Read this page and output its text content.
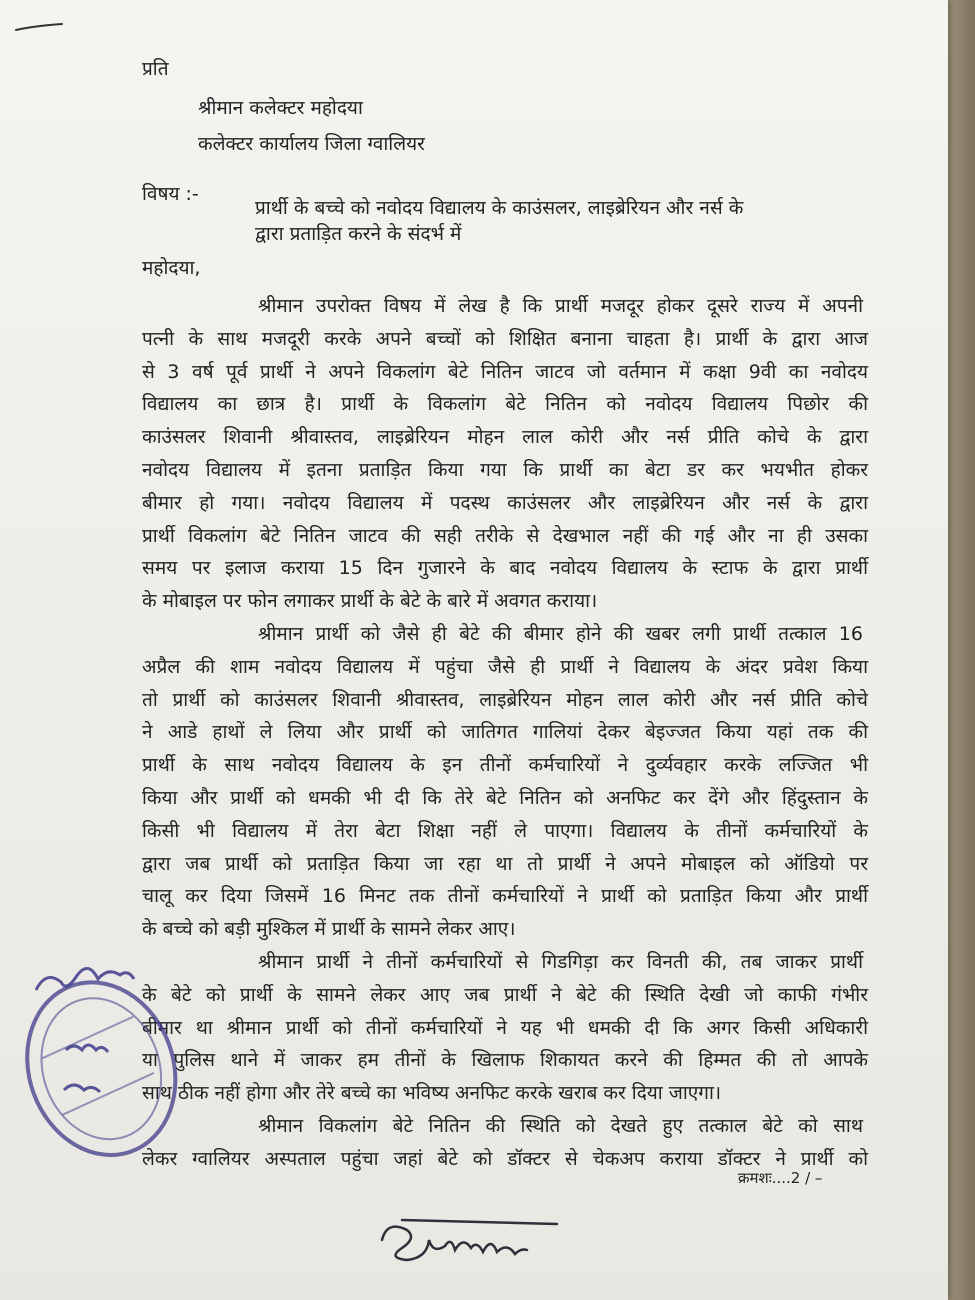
प्रति
श्रीमान कलेक्टर महोदया
कलेक्टर कार्यालय जिला ग्वालियर
विषय :-
प्रार्थी के बच्चे को नवोदय विद्यालय के काउंसलर, लाइब्रेरियन और नर्स के
द्वारा प्रताड़ित करने के संदर्भ में
महोदया,
श्रीमान उपरोक्त विषय में लेख है कि प्रार्थी मजदूर होकर दूसरे राज्य में अपनी
पत्नी के साथ मजदूरी करके अपने बच्चों को शिक्षित बनाना चाहता है। प्रार्थी के द्वारा आज
से 3 वर्ष पूर्व प्रार्थी ने अपने विकलांग बेटे नितिन जाटव जो वर्तमान में कक्षा 9वी का नवोदय
विद्यालय का छात्र है। प्रार्थी के विकलांग बेटे नितिन को नवोदय विद्यालय पिछोर की
काउंसलर शिवानी श्रीवास्तव, लाइब्रेरियन मोहन लाल कोरी और नर्स प्रीति कोचे के द्वारा
नवोदय विद्यालय में इतना प्रताड़ित किया गया कि प्रार्थी का बेटा डर कर भयभीत होकर
बीमार हो गया। नवोदय विद्यालय में पदस्थ काउंसलर और लाइब्रेरियन और नर्स के द्वारा
प्रार्थी विकलांग बेटे नितिन जाटव की सही तरीके से देखभाल नहीं की गई और ना ही उसका
समय पर इलाज कराया 15 दिन गुजारने के बाद नवोदय विद्यालय के स्टाफ के द्वारा प्रार्थी
के मोबाइल पर फोन लगाकर प्रार्थी के बेटे के बारे में अवगत कराया।
श्रीमान प्रार्थी को जैसे ही बेटे की बीमार होने की खबर लगी प्रार्थी तत्काल 16
अप्रैल की शाम नवोदय विद्यालय में पहुंचा जैसे ही प्रार्थी ने विद्यालय के अंदर प्रवेश किया
तो प्रार्थी को काउंसलर शिवानी श्रीवास्तव, लाइब्रेरियन मोहन लाल कोरी और नर्स प्रीति कोचे
ने आडे हाथों ले लिया और प्रार्थी को जातिगत गालियां देकर बेइज्जत किया यहां तक की
प्रार्थी के साथ नवोदय विद्यालय के इन तीनों कर्मचारियों ने दुर्व्यवहार करके लज्जित भी
किया और प्रार्थी को धमकी भी दी कि तेरे बेटे नितिन को अनफिट कर देंगे और हिंदुस्तान के
किसी भी विद्यालय में तेरा बेटा शिक्षा नहीं ले पाएगा। विद्यालय के तीनों कर्मचारियों के
द्वारा जब प्रार्थी को प्रताड़ित किया जा रहा था तो प्रार्थी ने अपने मोबाइल को ऑडियो पर
चालू कर दिया जिसमें 16 मिनट तक तीनों कर्मचारियों ने प्रार्थी को प्रताड़ित किया और प्रार्थी
के बच्चे को बड़ी मुश्किल में प्रार्थी के सामने लेकर आए।
श्रीमान प्रार्थी ने तीनों कर्मचारियों से गिडगिड़ा कर विनती की, तब जाकर प्रार्थी
के बेटे को प्रार्थी के सामने लेकर आए जब प्रार्थी ने बेटे की स्थिति देखी जो काफी गंभीर
बीमार था श्रीमान प्रार्थी को तीनों कर्मचारियों ने यह भी धमकी दी कि अगर किसी अधिकारी
या पुलिस थाने में जाकर हम तीनों के खिलाफ शिकायत करने की हिम्मत की तो आपके
साथ ठीक नहीं होगा और तेरे बच्चे का भविष्य अनफिट करके खराब कर दिया जाएगा।
श्रीमान विकलांग बेटे नितिन की स्थिति को देखते हुए तत्काल बेटे को साथ
लेकर ग्वालियर अस्पताल पहुंचा जहां बेटे को डॉक्टर से चेकअप कराया डॉक्टर ने प्रार्थी को
क्रमशः....2 / –
